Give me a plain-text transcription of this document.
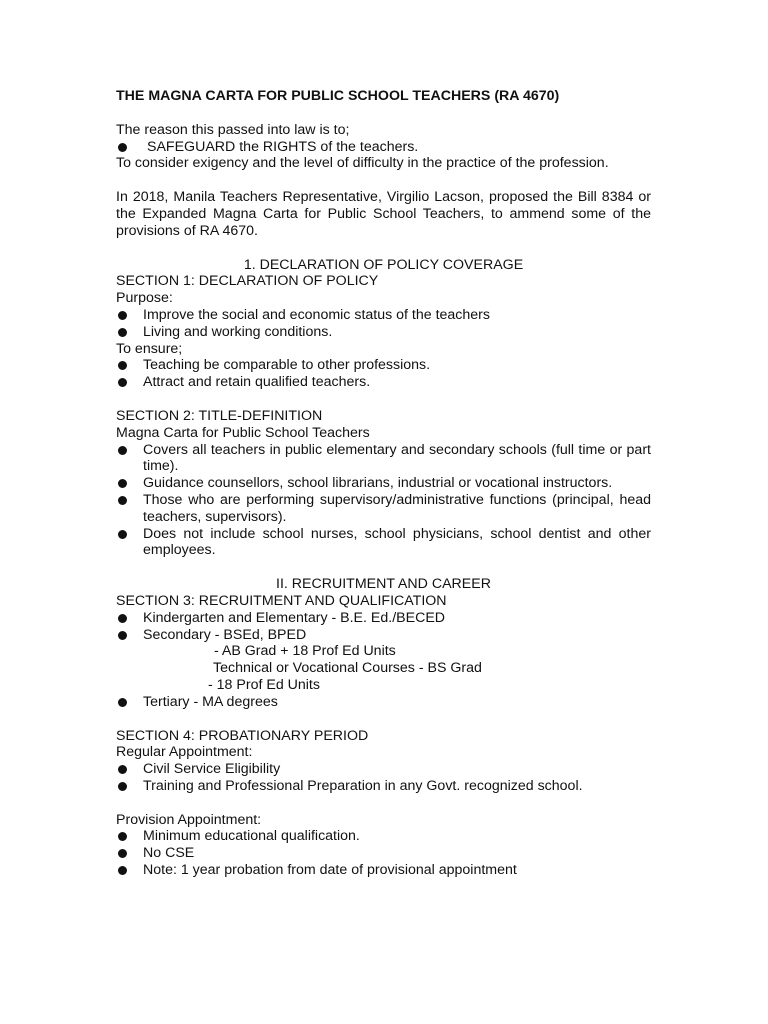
THE MAGNA CARTA FOR PUBLIC SCHOOL TEACHERS (RA 4670)

The reason this passed into law is to;

SAFEGUARD the RIGHTS of the teachers.

To consider exigency and the level of difficulty in the practice of the profession.

In 2018, Manila Teachers Representative, Virgilio Lacson, proposed the Bill 8384 or the Expanded Magna Carta for Public School Teachers, to ammend some of the provisions of RA 4670.

1. DECLARATION OF POLICY COVERAGE

SECTION 1: DECLARATION OF POLICY

Purpose:

Improve the social and economic status of the teachers
Living and working conditions.

To ensure;

Teaching be comparable to other professions.
Attract and retain qualified teachers.

SECTION 2: TITLE-DEFINITION

Magna Carta for Public School Teachers

Covers all teachers in public elementary and secondary schools (full time or part time).
Guidance counsellors, school librarians, industrial or vocational instructors.
Those who are performing supervisory/administrative functions (principal, head teachers, supervisors).
Does not include school nurses, school physicians, school dentist and other employees.

II. RECRUITMENT AND CAREER

SECTION 3: RECRUITMENT AND QUALIFICATION

Kindergarten and Elementary - B.E. Ed./BECED
Secondary - BSEd, BPED

- AB Grad + 18 Prof Ed Units

Technical or Vocational Courses - BS Grad

- 18 Prof Ed Units

Tertiary - MA degrees

SECTION 4: PROBATIONARY PERIOD

Regular Appointment:

Civil Service Eligibility
Training and Professional Preparation in any Govt. recognized school.

Provision Appointment:

Minimum educational qualification.
No CSE
Note: 1 year probation from date of provisional appointment
